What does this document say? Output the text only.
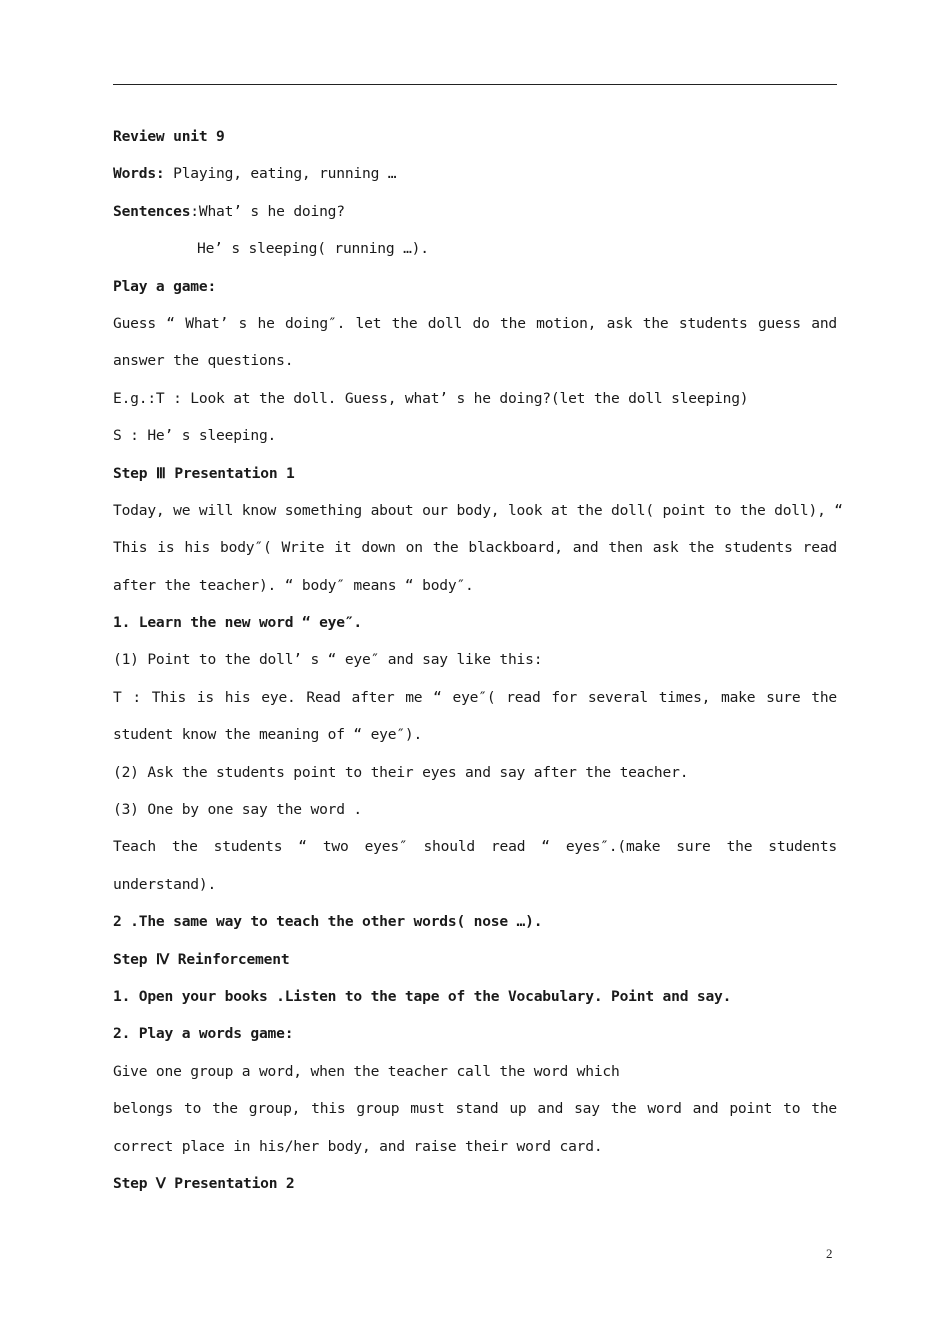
Review unit 9
Words: Playing, eating, running …
Sentences:What’ s he doing?
He’ s sleeping( running …).
Play a game:
Guess “ What’ s he doing″. let the doll do the motion, ask the students guess and
answer the questions.
E.g.:T : Look at the doll. Guess, what’ s he doing?(let the doll sleeping)
S : He’ s sleeping.
Step Ⅲ Presentation 1
Today, we will know something about our body, look at the doll( point to the doll), “
This is his body″( Write it down on the blackboard, and then ask the students read
after the teacher). “ body″ means “ body″.
1. Learn the new word “ eye″.
(1) Point to the doll’ s “ eye″ and say like this:
T : This is his eye. Read after me “ eye″( read for several times, make sure the
student know the meaning of “ eye″).
(2) Ask the students point to their eyes and say after the teacher.
(3) One by one say the word .
Teach the students “ two eyes″ should read “ eyes″.(make sure the students
understand).
2 .The same way to teach the other words( nose …).
Step Ⅳ Reinforcement
1. Open your books .Listen to the tape of the Vocabulary. Point and say.
2. Play a words game:
Give one group a word, when the teacher call the word which
belongs to the group, this group must stand up and say the word and point to the
correct place in his/her body, and raise their word card.
Step Ⅴ Presentation 2
2
